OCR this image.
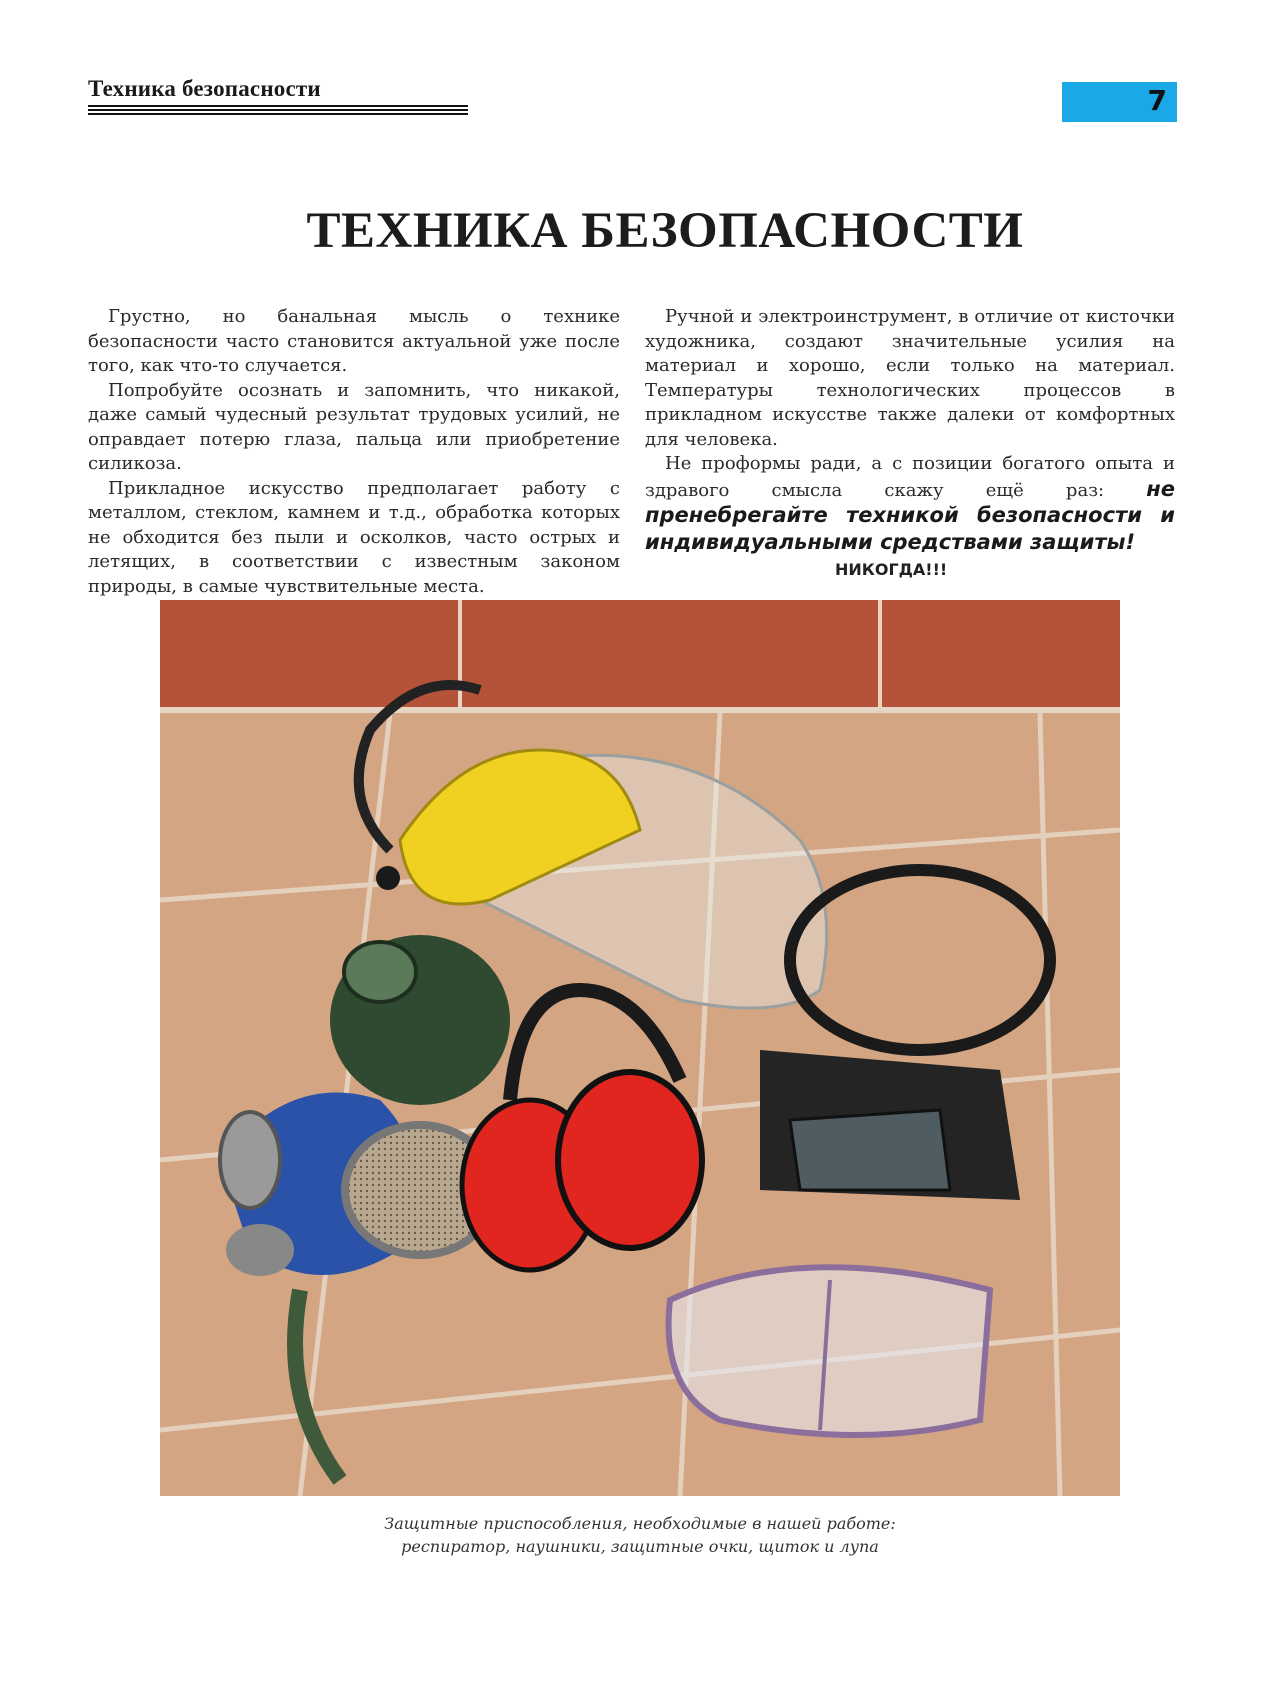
Техника безопасности	7
ТЕХНИКА БЕЗОПАСНОСТИ

Грустно, но банальная мысль о технике безопасности часто становится актуальной уже после того, как что-то случается.

Попробуйте осознать и запомнить, что никакой, даже самый чудесный результат трудовых усилий, не оправдает потерю глаза, пальца или приобретение силикоза.

Прикладное искусство предполагает работу с металлом, стеклом, камнем и т.д., обработка которых не обходится без пыли и осколков, часто острых и летящих, в соответствии с известным законом природы, в самые чувствительные места.

Ручной и электроинструмент, в отличие от кисточки художника, создают значительные усилия на материал и хорошо, если только на материал. Температуры технологических процессов в прикладном искусстве также далеки от комфортных для человека.

Не проформы ради, а с позиции богатого опыта и здравого смысла скажу ещё раз: не пренебрегайте техникой безопасности и индивидуальными средствами защиты!

НИКОГДА!!!
Защитные приспособления, необходимые в нашей работе:
респиратор, наушники, защитные очки, щиток и лупа
